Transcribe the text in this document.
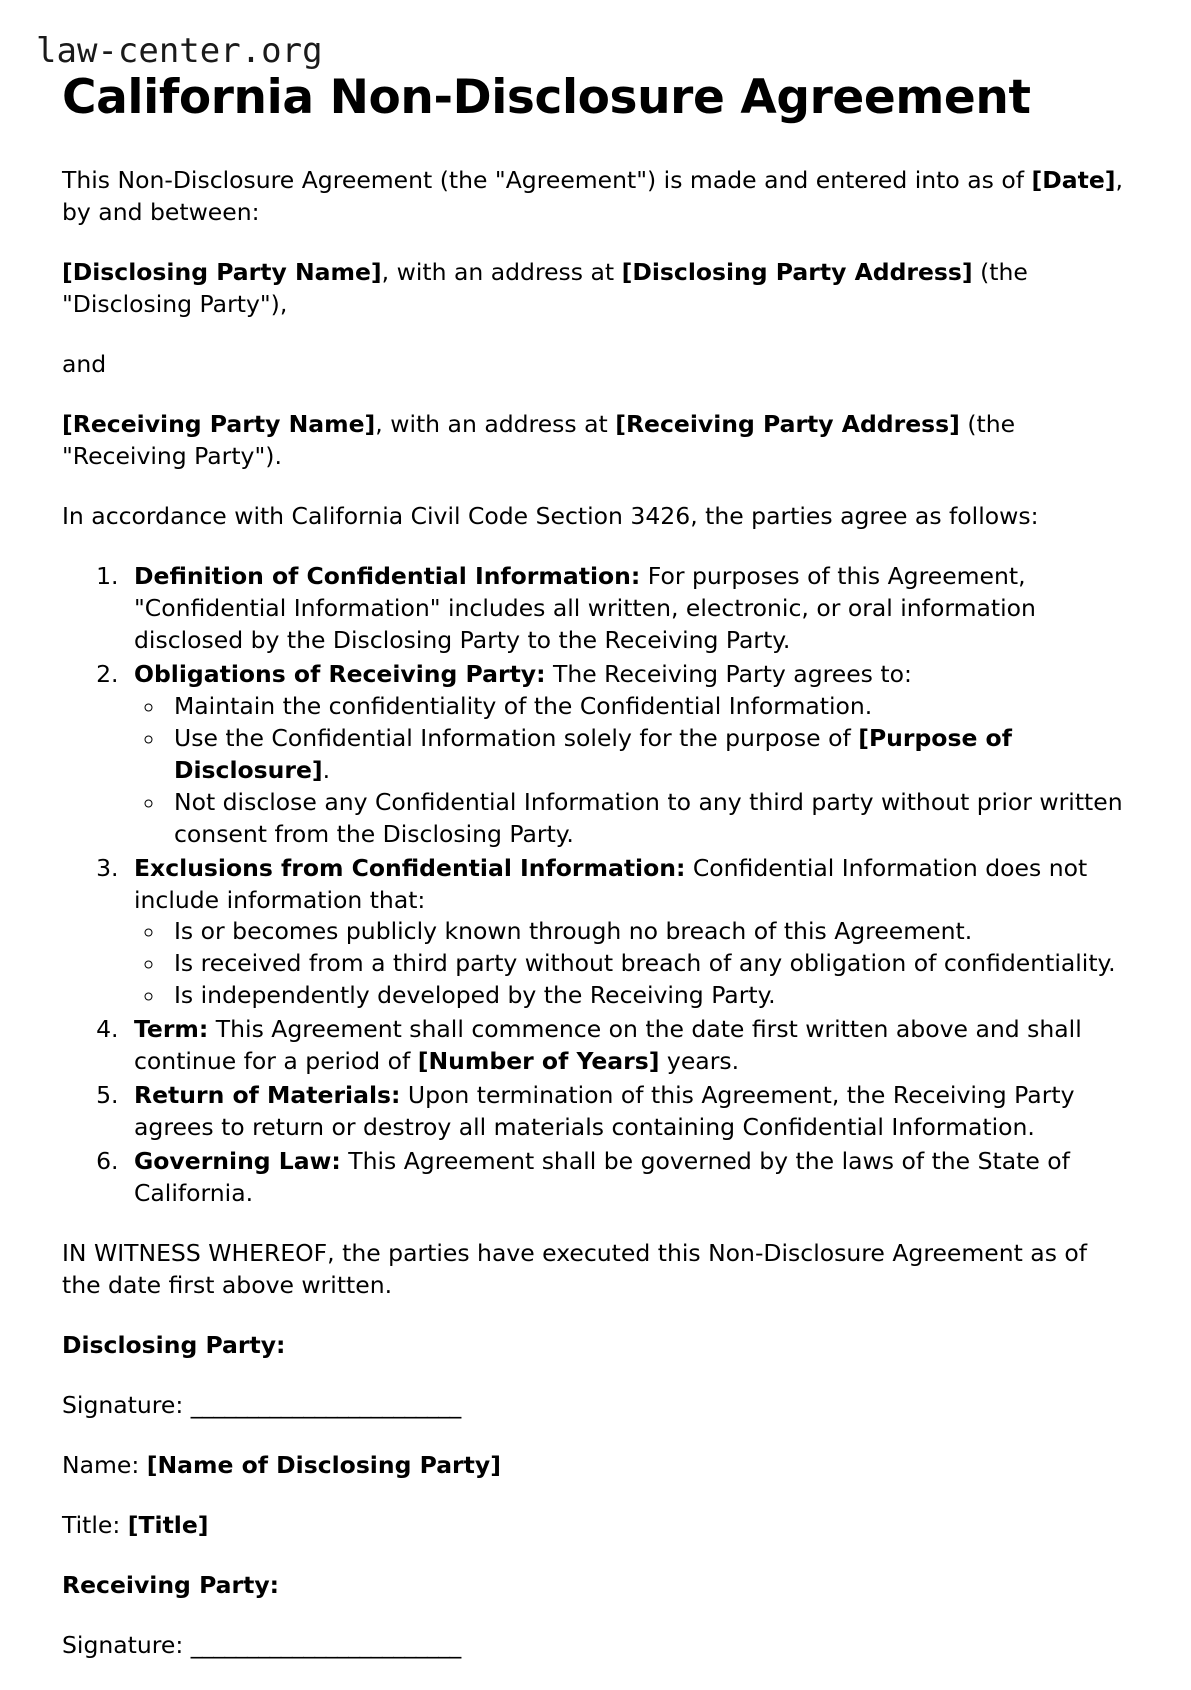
law-center.org
California Non-Disclosure Agreement

This Non-Disclosure Agreement (the "Agreement") is made and entered into as of [Date], by and between:

[Disclosing Party Name], with an address at [Disclosing Party Address] (the "Disclosing Party"),

and

[Receiving Party Name], with an address at [Receiving Party Address] (the "Receiving Party").

In accordance with California Civil Code Section 3426, the parties agree as follows:

1. Definition of Confidential Information: For purposes of this Agreement, "Confidential Information" includes all written, electronic, or oral information disclosed by the Disclosing Party to the Receiving Party.
2. Obligations of Receiving Party: The Receiving Party agrees to:
◦ Maintain the confidentiality of the Confidential Information.
◦ Use the Confidential Information solely for the purpose of [Purpose of Disclosure].
◦ Not disclose any Confidential Information to any third party without prior written consent from the Disclosing Party.
3. Exclusions from Confidential Information: Confidential Information does not include information that:
◦ Is or becomes publicly known through no breach of this Agreement.
◦ Is received from a third party without breach of any obligation of confidentiality.
◦ Is independently developed by the Receiving Party.
4. Term: This Agreement shall commence on the date first written above and shall continue for a period of [Number of Years] years.
5. Return of Materials: Upon termination of this Agreement, the Receiving Party agrees to return or destroy all materials containing Confidential Information.
6. Governing Law: This Agreement shall be governed by the laws of the State of California.

IN WITNESS WHEREOF, the parties have executed this Non-Disclosure Agreement as of the date first above written.

Disclosing Party:

Signature: ________________________

Name: [Name of Disclosing Party]

Title: [Title]

Receiving Party:

Signature: ________________________
